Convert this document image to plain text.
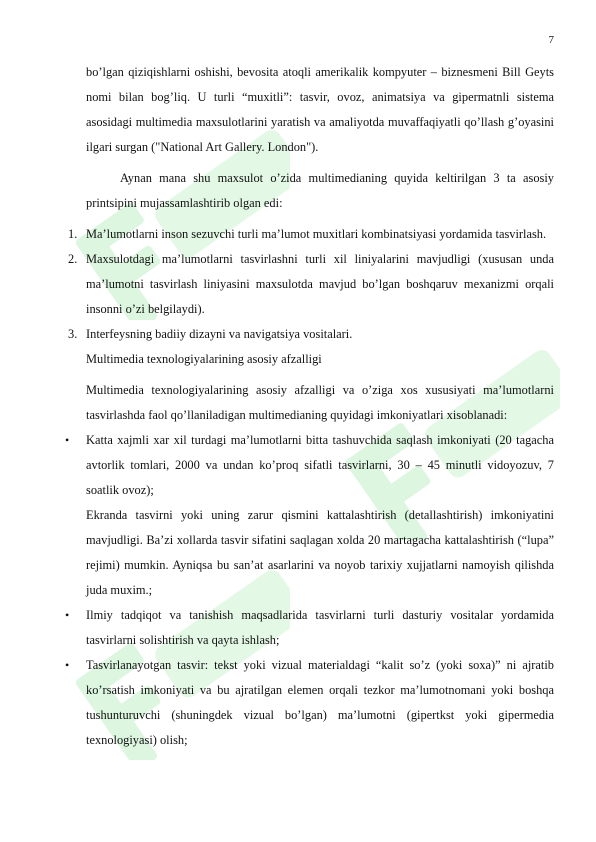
7

bo’lgan qiziqishlarni oshishi, bevosita atoqli amerikalik kompyuter – biznesmeni Bill Geyts nomi bilan bog’liq. U turli “muxitli”: tasvir, ovoz, animatsiya va gipermatnli sistema asosidagi multimedia maxsulotlarini yaratish va amaliyotda muvaffaqiyatli qo’llash g’oyasini ilgari surgan ("National Art Gallery. London").

Aynan mana shu maxsulot o’zida multimedianing quyida keltirilgan 3 ta asosiy printsipini mujassamlashtirib olgan edi:

1. Ma’lumotlarni inson sezuvchi turli ma’lumot muxitlari kombinatsiyasi yordamida tasvirlash.
2. Maxsulotdagi ma’lumotlarni tasvirlashni turli xil liniyalarini mavjudligi (xususan unda ma’lumotni tasvirlash liniyasini maxsulotda mavjud bo’lgan boshqaruv mexanizmi orqali insonni o’zi belgilaydi).
3. Interfeysning badiiy dizayni va navigatsiya vositalari.

Multimedia texnologiyalarining asosiy afzalligi

Multimedia texnologiyalarining asosiy afzalligi va o’ziga xos xususiyati ma’lumotlarni tasvirlashda faol qo’llaniladigan multimedianing quyidagi imkoniyatlari xisoblanadi:

• Katta xajmli xar xil turdagi ma’lumotlarni bitta tashuvchida saqlash imkoniyati (20 tagacha avtorlik tomlari, 2000 va undan ko’proq sifatli tasvirlarni, 30 – 45 minutli vidoyozuv, 7 soatlik ovoz);

Ekranda tasvirni yoki uning zarur qismini kattalashtirish (detallashtirish) imkoniyatini mavjudligi. Ba’zi xollarda tasvir sifatini saqlagan xolda 20 martagacha kattalashtirish (“lupa” rejimi) mumkin. Ayniqsa bu san’at asarlarini va noyob tarixiy xujjatlarni namoyish qilishda juda muxim.;

• Ilmiy tadqiqot va tanishish maqsadlarida tasvirlarni turli dasturiy vositalar yordamida tasvirlarni solishtirish va qayta ishlash;
• Tasvirlanayotgan tasvir: tekst yoki vizual materialdagi “kalit so’z (yoki soxa)” ni ajratib ko’rsatish imkoniyati va bu ajratilgan elemen orqali tezkor ma’lumotnomani yoki boshqa tushunturuvchi (shuningdek vizual bo’lgan) ma’lumotni (gipertkst yoki gipermedia texnologiyasi) olish;
